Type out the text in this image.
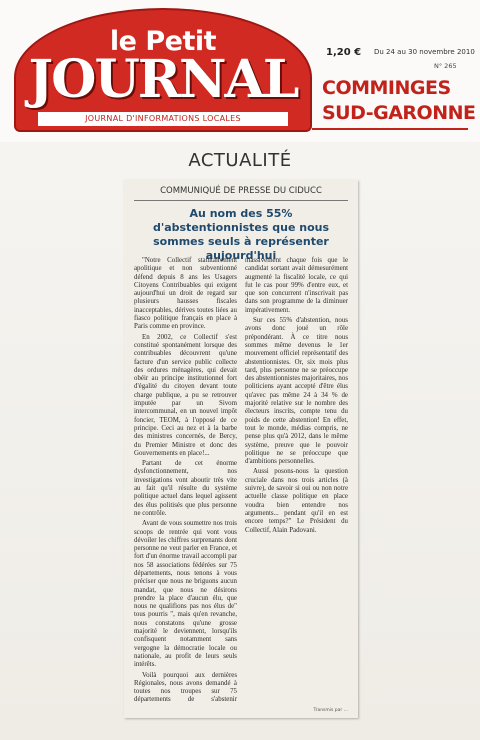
le Petit
JOURNAL
JOURNAL D'INFORMATIONS LOCALES
1,20 € Du 24 au 30 novembre 2010
N° 265
COMMINGES
SUD-GARONNE
ACTUALITÉ
COMMUNIQUÉ DE PRESSE DU CIDUCC
Au nom des 55% d'abstentionnistes que nous sommes seuls à représenter aujourd'hui

"Notre Collectif statutairement apolitique et non subventionné défend depuis 8 ans les Usagers Citoyens Contribuables qui exigent aujourd'hui un droit de regard sur plusieurs hausses fiscales inacceptables, dérives toutes liées au fiasco politique français en place à Paris comme en province.

En 2002, ce Collectif s'est constitué spontanément lorsque des contribuables découvrent qu'une facture d'un service public collecte des ordures ménagères, qui devait obéir au principe institutionnel fort d'égalité du citoyen devant toute charge publique, a pu se retrouver imputée par un Sivom intercommunal, en un nouvel impôt foncier, TEOM, à l'opposé de ce principe. Ceci au nez et à la barbe des ministres concernés, de Bercy, du Premier Ministre et donc des Gouvernements en place!...

Partant de cet énorme dysfonctionnement, nos investigations vont aboutir très vite au fait qu'il résulte du système politique actuel dans lequel agissent des élus politisés que plus personne ne contrôle.

Avant de vous soumettre nos trois scoops de rentrée qui vont vous dévoiler les chiffres surprenants dont personne ne veut parler en France, et fort d'un énorme travail accompli par nos 58 associations fédérées sur 75 départements, nous tenons à vous préciser que nous ne briguons aucun mandat, que nous ne désirons prendre la place d'aucun élu, que nous ne qualifions pas nos élus de" tous pourris ", mais qu'en revanche, nous constatons qu'une grosse majorité le deviennent, lorsqu'ils confisquent notamment sans vergogne la démocratie locale ou nationale, au profit de leurs seuls intérêts.

Voilà pourquoi aux dernières Régionales, nous avons demandé à toutes nos troupes sur 75 départements de s'abstenir massivement chaque fois que le candidat sortant avait démesurément augmenté la fiscalité locale, ce qui fut le cas pour 99% d'entre eux, et que son concurrent n'inscrivait pas dans son programme de la diminuer impérativement.

Sur ces 55% d'abstention, nous avons donc joué un rôle prépondérant. À ce titre nous sommes même devenus le 1er mouvement officiel représentatif des abstentionnistes. Or, six mois plus tard, plus personne ne se préoccupe des abstentionnistes majoritaires, nos politiciens ayant accepté d'être élus qu'avec pas même 24 à 34 % de majorité relative sur le nombre des électeurs inscrits, compte tenu du poids de cette abstention! En effet, tout le monde, médias compris, ne pense plus qu'à 2012, dans le même système, preuve que le pouvoir politique ne se préoccupe que d'ambitions personnelles.

Aussi posons-nous la question cruciale dans nos trois articles (à suivre), de savoir si oui ou non notre actuelle classe politique en place voudra bien entendre nos arguments... pendant qu'il en est encore temps?" Le Président du Collectif, Alain Padovani.

Transmis par ...
